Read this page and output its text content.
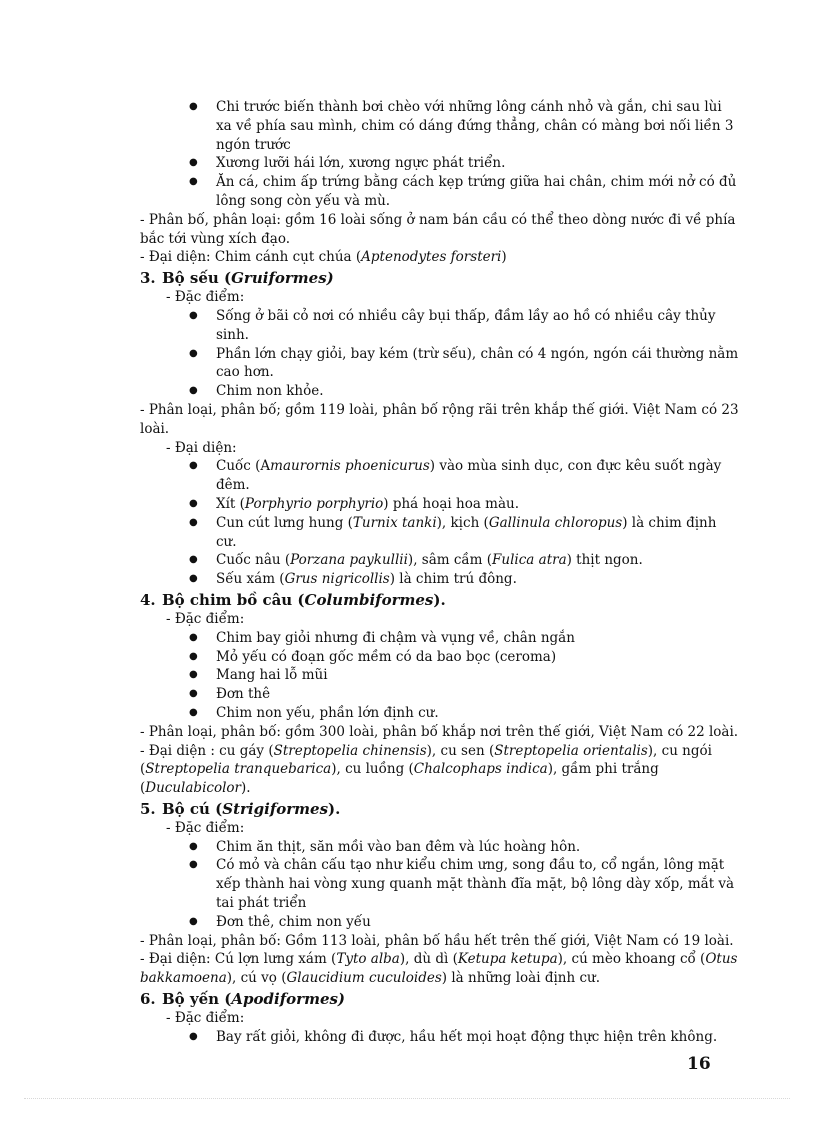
● Chi trước biến thành bơi chèo với những lông cánh nhỏ và gắn, chi sau lùi xa về phía sau mình, chim có dáng đứng thẳng, chân có màng bơi nối liền 3 ngón trước
● Xương lưỡi hái lớn, xương ngực phát triển.
● Ăn cá, chim ấp trứng bằng cách kẹp trứng giữa hai chân, chim mới nở có đủ lông song còn yếu và mù.
- Phân bố, phân loại: gồm 16 loài sống ở nam bán cầu có thể theo dòng nước đi về phía bắc tới vùng xích đạo.
- Đại diện: Chim cánh cụt chúa (Aptenodytes forsteri)
3. Bộ sếu (Gruiformes)
- Đặc điểm:
● Sống ở bãi cỏ nơi có nhiều cây bụi thấp, đầm lầy ao hồ có nhiều cây thủy sinh.
● Phần lớn chạy giỏi, bay kém (trừ sếu), chân có 4 ngón, ngón cái thường nằm cao hơn.
● Chim non khỏe.
- Phân loại, phân bố; gồm 119 loài, phân bố rộng rãi trên khắp thế giới. Việt Nam có 23 loài.
- Đại diện:
● Cuốc (Amaurornis phoenicurus) vào mùa sinh dục, con đực kêu suốt ngày đêm.
● Xít (Porphyrio porphyrio) phá hoại hoa màu.
● Cun cút lưng hung (Turnix tanki), kịch (Gallinula chloropus) là chim định cư.
● Cuốc nâu (Porzana paykullii), sâm cầm (Fulica atra) thịt ngon.
● Sếu xám (Grus nigricollis) là chim trú đông.
4. Bộ chim bồ câu (Columbiformes).
- Đặc điểm:
● Chim bay giỏi nhưng đi chậm và vụng về, chân ngắn
● Mỏ yếu có đoạn gốc mềm có da bao bọc (ceroma)
● Mang hai lỗ mũi
● Đơn thê
● Chim non yếu, phần lớn định cư.
- Phân loại, phân bố: gồm 300 loài, phân bố khắp nơi trên thế giới, Việt Nam có 22 loài.
- Đại diện : cu gáy (Streptopelia chinensis), cu sen (Streptopelia orientalis), cu ngói (Streptopelia tranquebarica), cu luồng (Chalcophaps indica), gầm phi trắng (Duculabicolor).
5. Bộ cú (Strigiformes).
- Đặc điểm:
● Chim ăn thịt, săn mồi vào ban đêm và lúc hoàng hôn.
● Có mỏ và chân cấu tạo như kiểu chim ưng, song đầu to, cổ ngắn, lông mặt xếp thành hai vòng xung quanh mặt thành đĩa mặt, bộ lông dày xốp, mắt và tai phát triển
● Đơn thê, chim non yếu
- Phân loại, phân bố: Gồm 113 loài, phân bố hầu hết trên thế giới, Việt Nam có 19 loài.
- Đại diện: Cú lợn lưng xám (Tyto alba), dù dì (Ketupa ketupa), cú mèo khoang cổ (Otus bakkamoena), cú vọ (Glaucidium cuculoides) là những loài định cư.
6. Bộ yến (Apodiformes)
- Đặc điểm:
● Bay rất giỏi, không đi được, hầu hết mọi hoạt động thực hiện trên không.
16
